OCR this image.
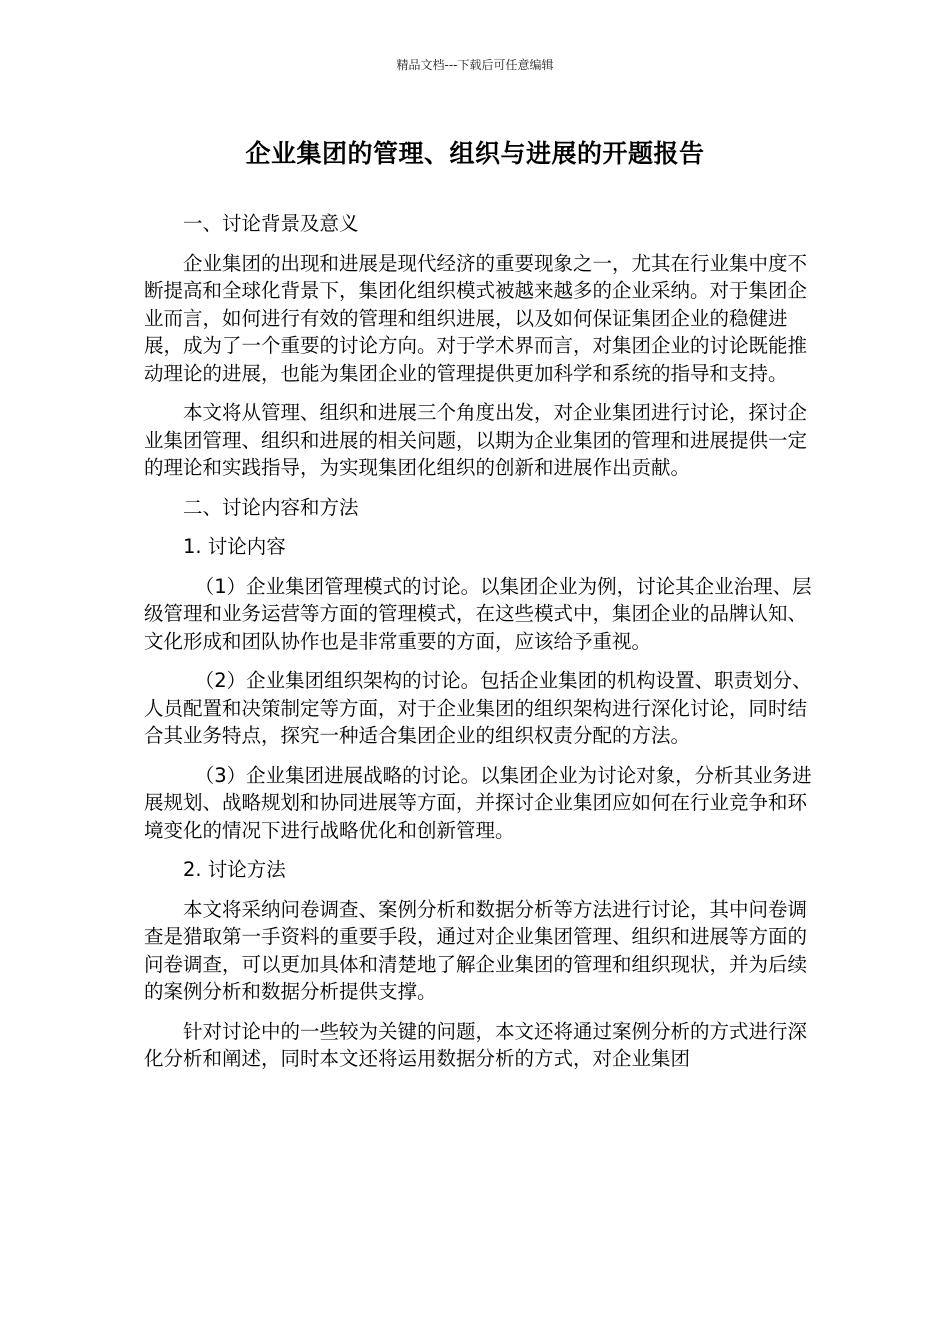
精品文档---下载后可任意编辑
企业集团的管理、组织与进展的开题报告

一、讨论背景及意义

企业集团的出现和进展是现代经济的重要现象之一，尤其在行业集中度不断提高和全球化背景下，集团化组织模式被越来越多的企业采纳。对于集团企业而言，如何进行有效的管理和组织进展，以及如何保证集团企业的稳健进展，成为了一个重要的讨论方向。对于学术界而言，对集团企业的讨论既能推动理论的进展，也能为集团企业的管理提供更加科学和系统的指导和支持。

本文将从管理、组织和进展三个角度出发，对企业集团进行讨论，探讨企业集团管理、组织和进展的相关问题，以期为企业集团的管理和进展提供一定的理论和实践指导，为实现集团化组织的创新和进展作出贡献。

二、讨论内容和方法

1. 讨论内容

（1）企业集团管理模式的讨论。以集团企业为例，讨论其企业治理、层级管理和业务运营等方面的管理模式，在这些模式中，集团企业的品牌认知、文化形成和团队协作也是非常重要的方面，应该给予重视。

（2）企业集团组织架构的讨论。包括企业集团的机构设置、职责划分、人员配置和决策制定等方面，对于企业集团的组织架构进行深化讨论，同时结合其业务特点，探究一种适合集团企业的组织权责分配的方法。

（3）企业集团进展战略的讨论。以集团企业为讨论对象，分析其业务进展规划、战略规划和协同进展等方面，并探讨企业集团应如何在行业竞争和环境变化的情况下进行战略优化和创新管理。

2. 讨论方法

本文将采纳问卷调查、案例分析和数据分析等方法进行讨论，其中问卷调查是猎取第一手资料的重要手段，通过对企业集团管理、组织和进展等方面的问卷调查，可以更加具体和清楚地了解企业集团的管理和组织现状，并为后续的案例分析和数据分析提供支撑。

针对讨论中的一些较为关键的问题，本文还将通过案例分析的方式进行深化分析和阐述，同时本文还将运用数据分析的方式，对企业集团
